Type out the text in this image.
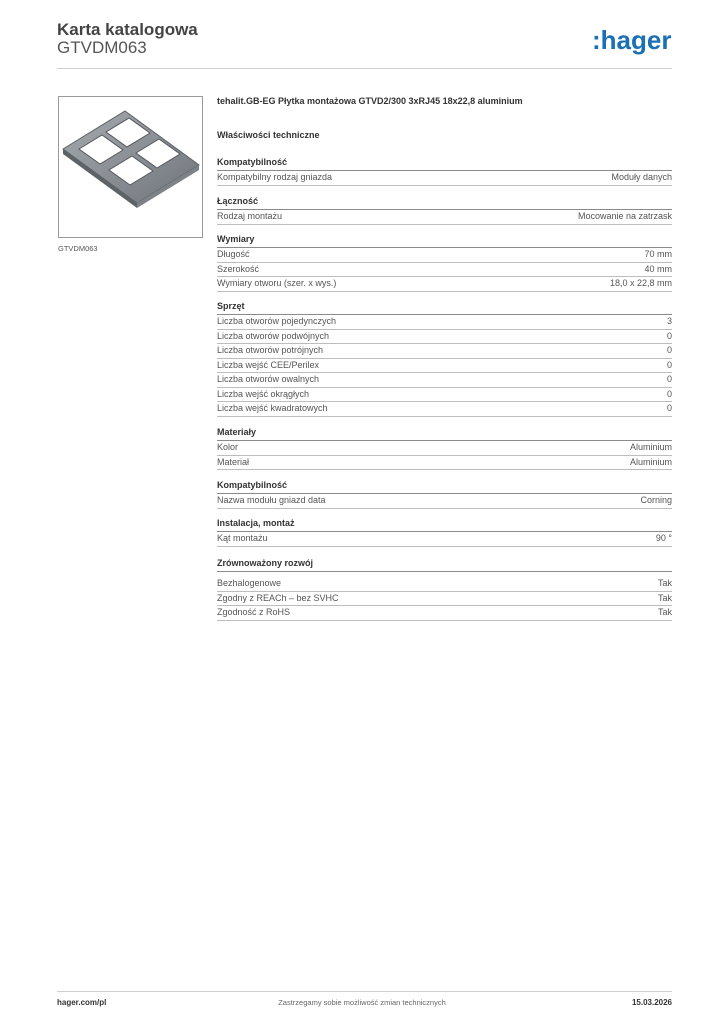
Karta katalogowa
GTVDM063	:hager
GTVDM063
tehalit.GB-EG Płytka montażowa GTVD2/300 3xRJ45 18x22,8 aluminium
Właściwości techniczne
Kompatybilność
Kompatybilny rodzaj gniazda	Moduły danych
Łączność
Rodzaj montażu	Mocowanie na zatrzask
Wymiary
Długość	70 mm
Szerokość	40 mm
Wymiary otworu (szer. x wys.)	18,0 x 22,8 mm
Sprzęt
Liczba otworów pojedynczych	3
Liczba otworów podwójnych	0
Liczba otworów potrójnych	0
Liczba wejść CEE/Perilex	0
Liczba otworów owalnych	0
Liczba wejść okrągłych	0
Liczba wejść kwadratowych	0
Materiały
Kolor	Aluminium
Materiał	Aluminium
Kompatybilność
Nazwa modułu gniazd data	Corning
Instalacja, montaż
Kąt montażu	90 °
Zrównoważony rozwój
Bezhalogenowe	Tak
Zgodny z REACh – bez SVHC	Tak
Zgodność z RoHS	Tak
hager.com/pl	Zastrzegamy sobie możliwość zmian technicznych	15.03.2026
